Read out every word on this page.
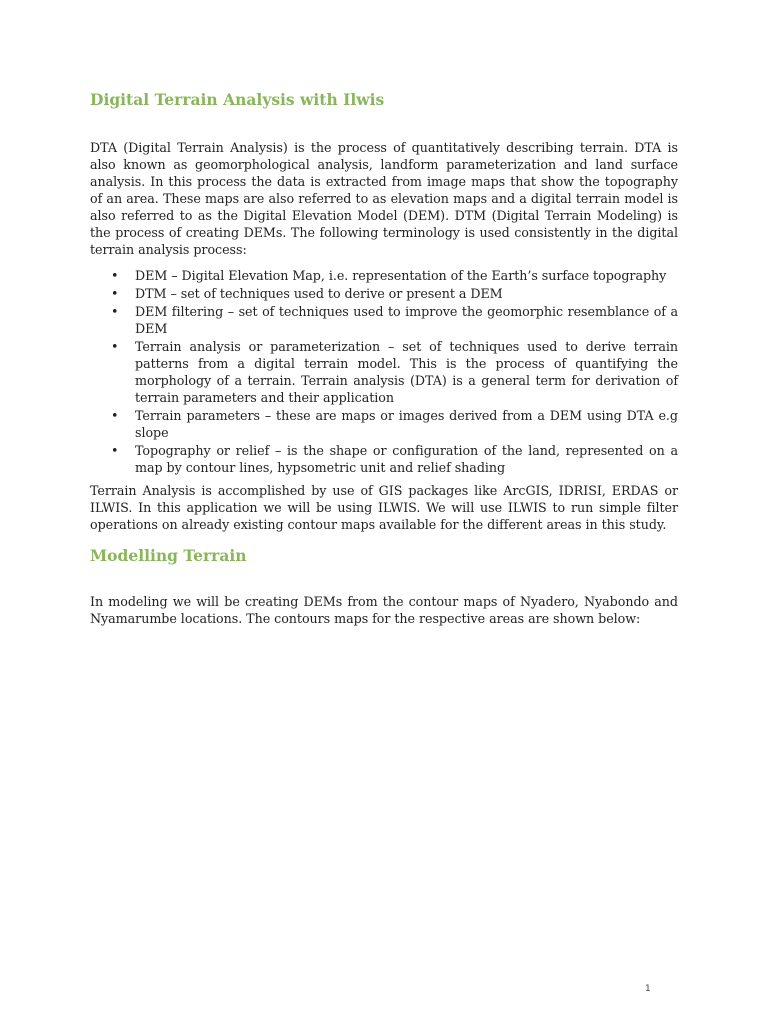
Digital Terrain Analysis with Ilwis

DTA (Digital Terrain Analysis) is the process of quantitatively describing terrain. DTA is also known as geomorphological analysis, landform parameterization and land surface analysis. In this process the data is extracted from image maps that show the topography of an area. These maps are also referred to as elevation maps and a digital terrain model is also referred to as the Digital Elevation Model (DEM). DTM (Digital Terrain Modeling) is the process of creating DEMs. The following terminology is used consistently in the digital terrain analysis process:

• DEM – Digital Elevation Map, i.e. representation of the Earth’s surface topography
• DTM – set of techniques used to derive or present a DEM
• DEM filtering – set of techniques used to improve the geomorphic resemblance of a DEM
• Terrain analysis or parameterization – set of techniques used to derive terrain patterns from a digital terrain model. This is the process of quantifying the morphology of a terrain. Terrain analysis (DTA) is a general term for derivation of terrain parameters and their application
• Terrain parameters – these are maps or images derived from a DEM using DTA e.g slope
• Topography or relief – is the shape or configuration of the land, represented on a map by contour lines, hypsometric unit and relief shading

Terrain Analysis is accomplished by use of GIS packages like ArcGIS, IDRISI, ERDAS or ILWIS. In this application we will be using ILWIS. We will use ILWIS to run simple filter operations on already existing contour maps available for the different areas in this study.

Modelling Terrain

In modeling we will be creating DEMs from the contour maps of Nyadero, Nyabondo and Nyamarumbe locations. The contours maps for the respective areas are shown below:

1
